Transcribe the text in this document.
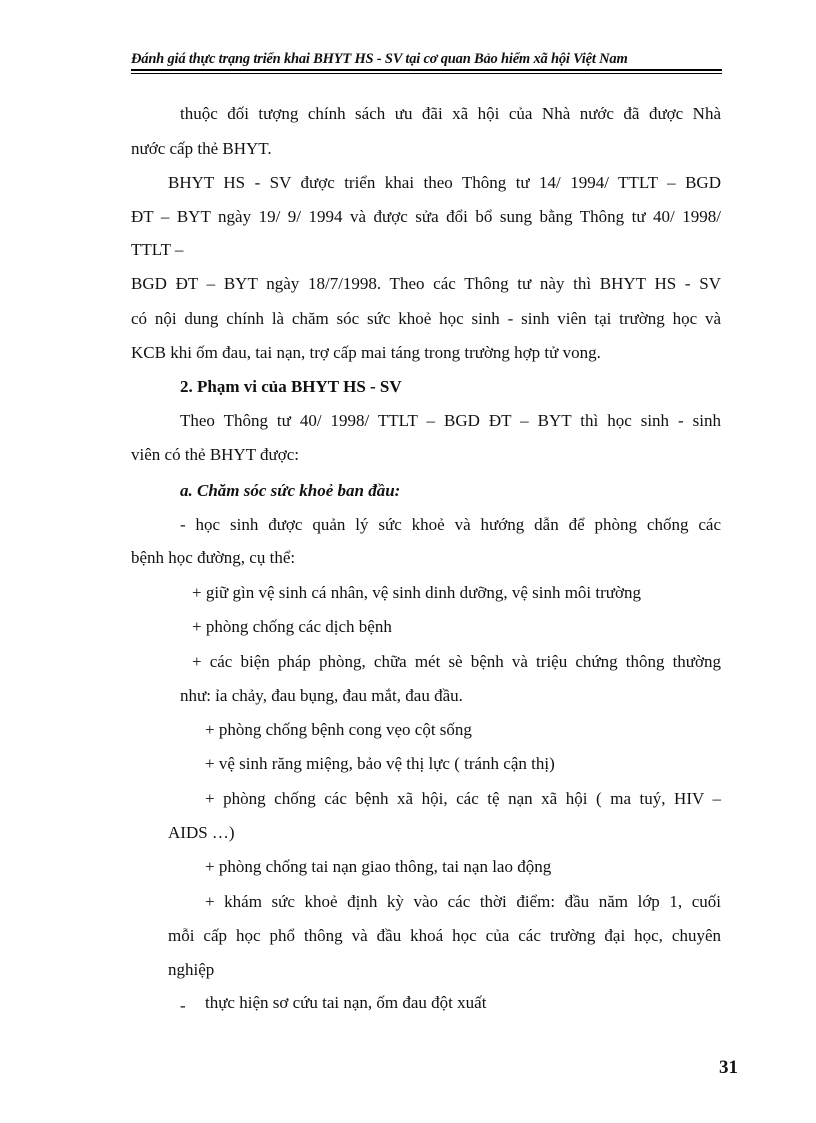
Đánh giá thực trạng triển khai BHYT HS - SV tại cơ quan Bảo hiểm xã hội Việt Nam
thuộc đối tượng chính sách ưu đãi xã hội của Nhà nước đã được Nhà
nước cấp thẻ BHYT.
BHYT HS - SV được triển khai theo Thông tư 14/ 1994/ TTLT – BGD
ĐT – BYT ngày 19/ 9/ 1994 và được sửa đổi bổ sung bằng Thông tư 40/ 1998/
TTLT –
BGD ĐT – BYT ngày 18/7/1998. Theo các Thông tư này thì BHYT HS - SV
có nội dung chính là chăm sóc sức khoẻ học sinh - sinh viên tại trường học và
KCB khi ốm đau, tai nạn, trợ cấp mai táng trong trường hợp tử vong.
2. Phạm vi của BHYT HS - SV
Theo Thông tư 40/ 1998/ TTLT – BGD ĐT – BYT thì học sinh - sinh
viên có thẻ BHYT được:
a. Chăm sóc sức khoẻ ban đầu:
- học sinh được quản lý sức khoẻ và hướng dẫn để phòng chống các
bệnh học đường, cụ thể:
+ giữ gìn vệ sinh cá nhân, vệ sinh dinh dưỡng, vệ sinh môi trường
+ phòng chống các dịch bệnh
+ các biện pháp phòng, chữa mét sè bệnh và triệu chứng thông thường
như: ỉa chảy, đau bụng, đau mắt, đau đầu.
+ phòng chống bệnh cong vẹo cột sống
+ vệ sinh răng miệng, bảo vệ thị lực ( tránh cận thị)
+ phòng chống các bệnh xã hội, các tệ nạn xã hội ( ma tuý, HIV –
AIDS …)
+ phòng chống tai nạn giao thông, tai nạn lao động
+ khám sức khoẻ định kỳ vào các thời điểm: đầu năm lớp 1, cuối
mỗi cấp học phổ thông và đầu khoá học của các trường đại học, chuyên
nghiệp
- thực hiện sơ cứu tai nạn, ốm đau đột xuất
31
